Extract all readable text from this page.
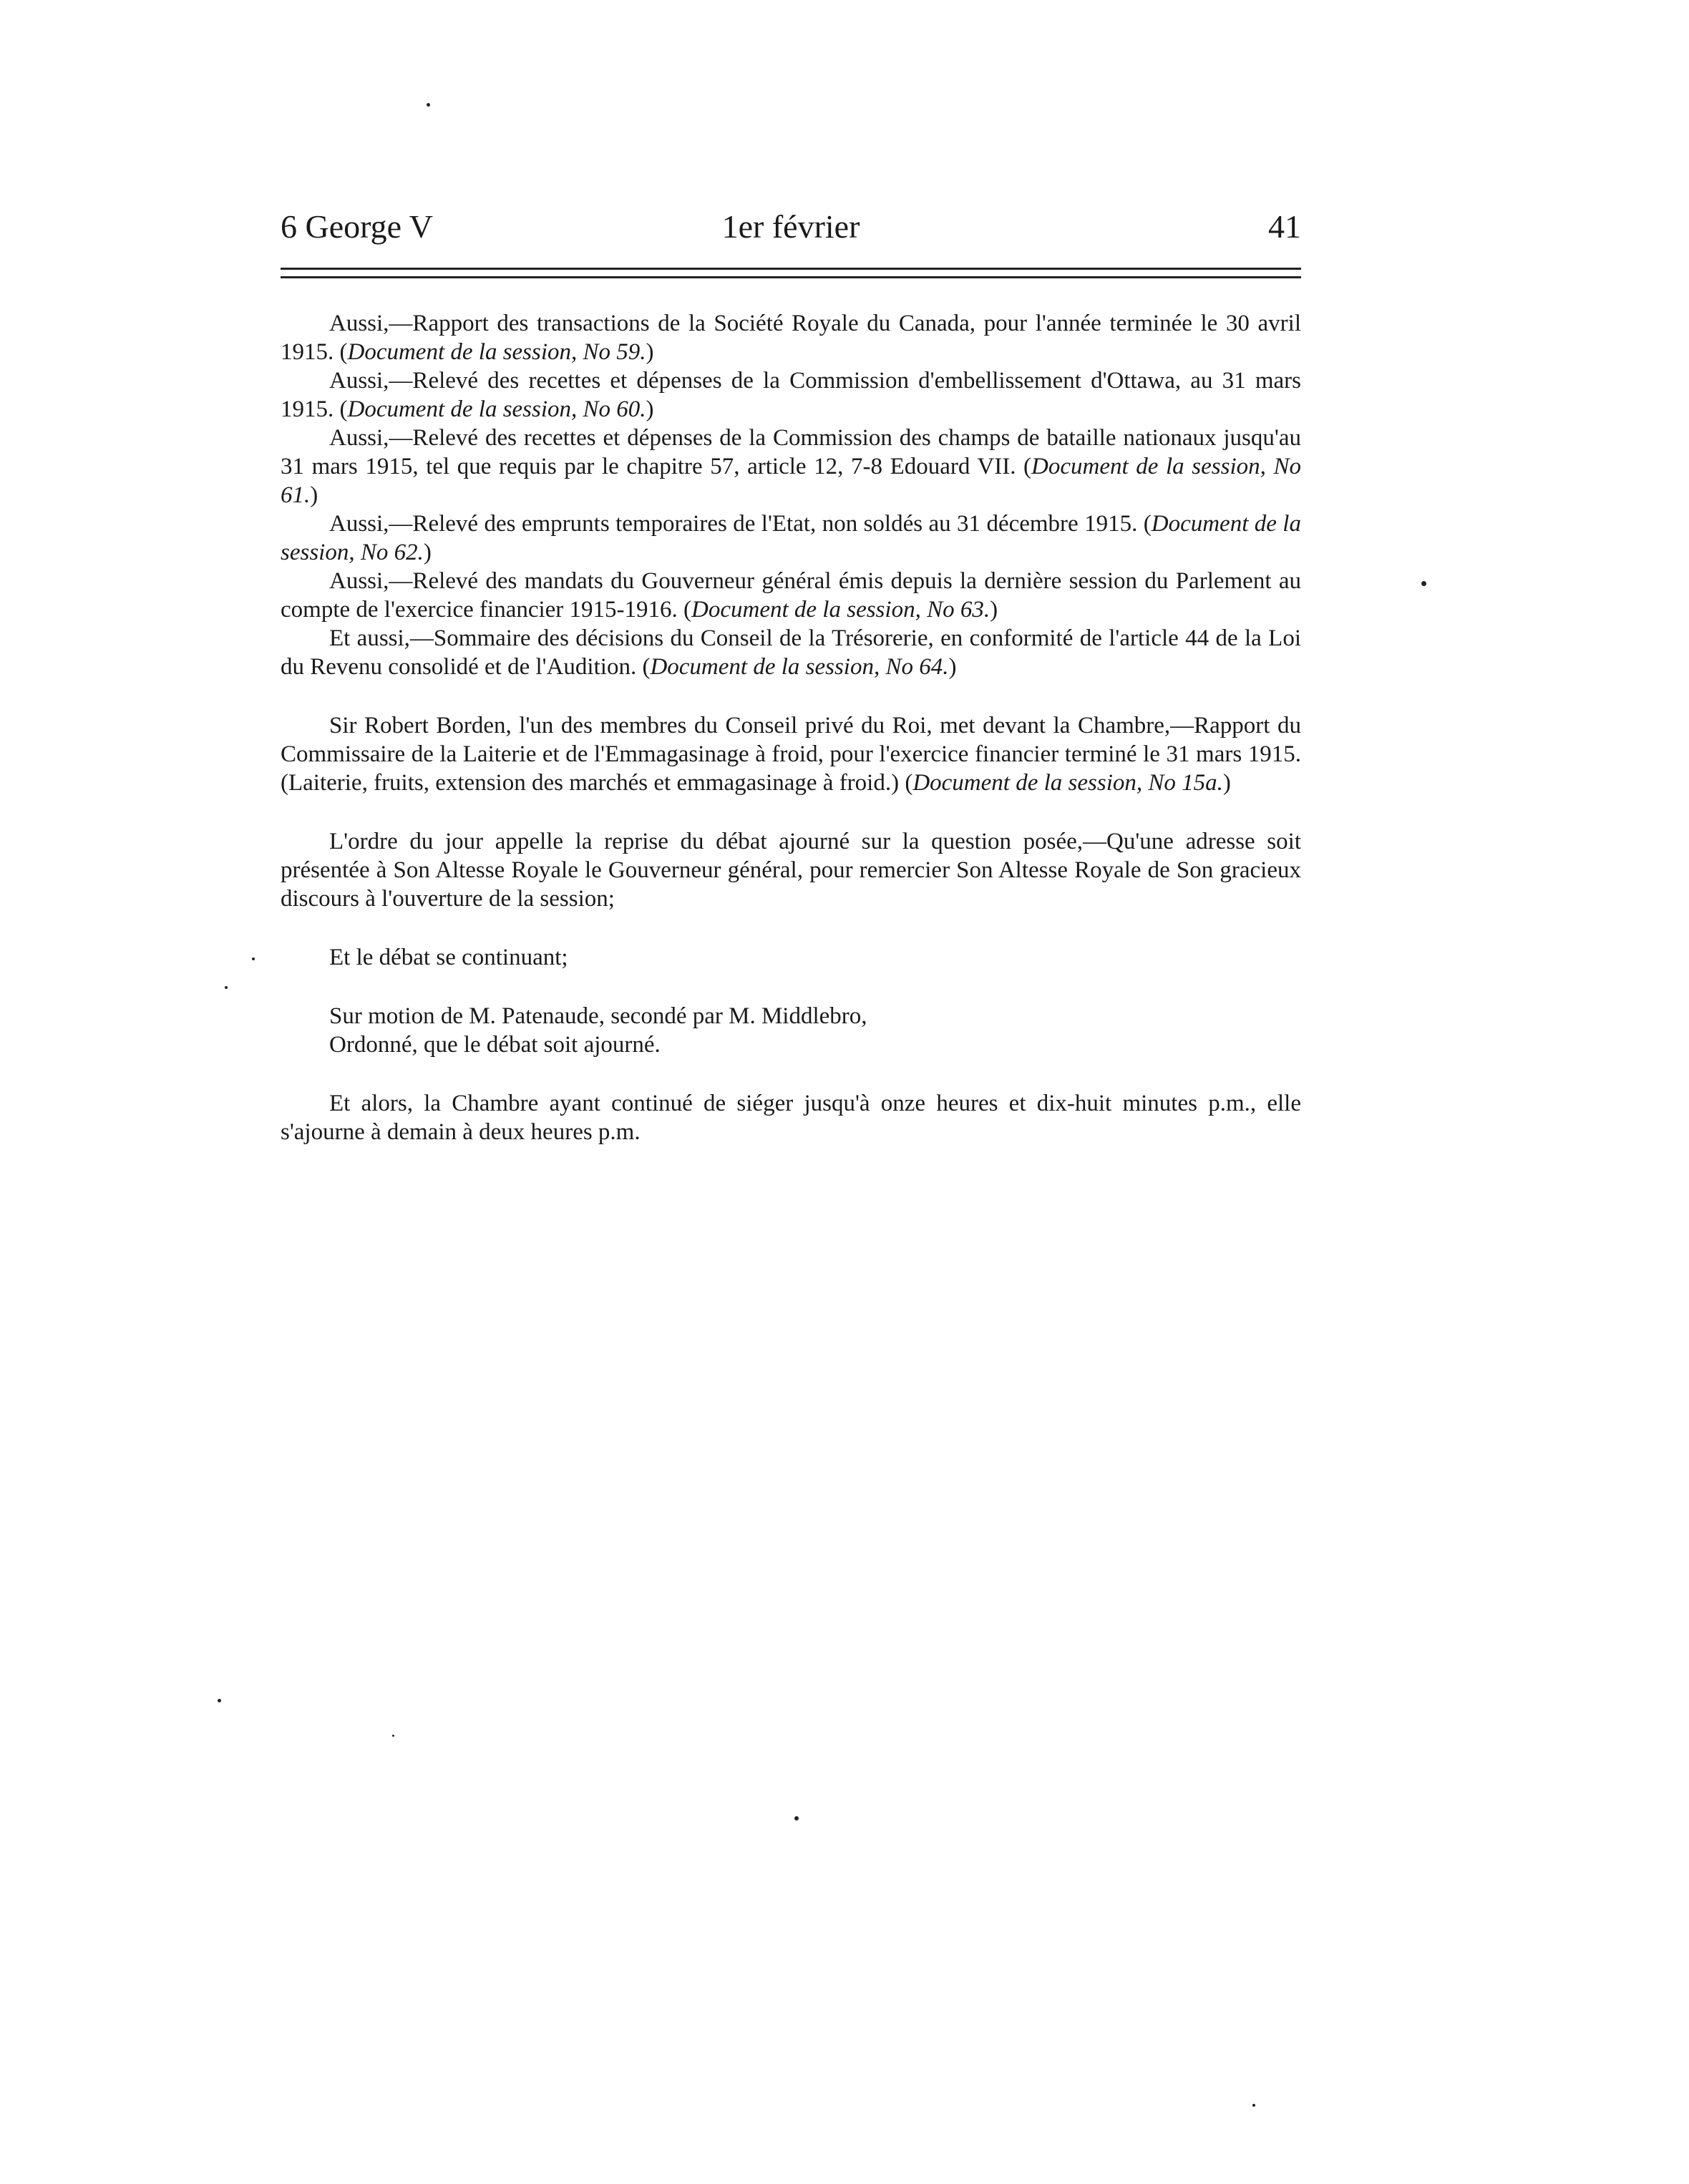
6 George V	1er février	41

Aussi,—Rapport des transactions de la Société Royale du Canada, pour l'année terminée le 30 avril 1915. (Document de la session, No 59.)

Aussi,—Relevé des recettes et dépenses de la Commission d'embellissement d'Ottawa, au 31 mars 1915. (Document de la session, No 60.)

Aussi,—Relevé des recettes et dépenses de la Commission des champs de bataille nationaux jusqu'au 31 mars 1915, tel que requis par le chapitre 57, article 12, 7-8 Edouard VII. (Document de la session, No 61.)

Aussi,—Relevé des emprunts temporaires de l'Etat, non soldés au 31 décembre 1915. (Document de la session, No 62.)

Aussi,—Relevé des mandats du Gouverneur général émis depuis la dernière session du Parlement au compte de l'exercice financier 1915-1916. (Document de la session, No 63.)

Et aussi,—Sommaire des décisions du Conseil de la Trésorerie, en conformité de l'article 44 de la Loi du Revenu consolidé et de l'Audition. (Document de la session, No 64.)

Sir Robert Borden, l'un des membres du Conseil privé du Roi, met devant la Chambre,—Rapport du Commissaire de la Laiterie et de l'Emmagasinage à froid, pour l'exercice financier terminé le 31 mars 1915. (Laiterie, fruits, extension des marchés et emmagasinage à froid.) (Document de la session, No 15a.)

L'ordre du jour appelle la reprise du débat ajourné sur la question posée,—Qu'une adresse soit présentée à Son Altesse Royale le Gouverneur général, pour remercier Son Altesse Royale de Son gracieux discours à l'ouverture de la session;

Et le débat se continuant;

Sur motion de M. Patenaude, secondé par M. Middlebro,

Ordonné, que le débat soit ajourné.

Et alors, la Chambre ayant continué de siéger jusqu'à onze heures et dix-huit minutes p.m., elle s'ajourne à demain à deux heures p.m.
